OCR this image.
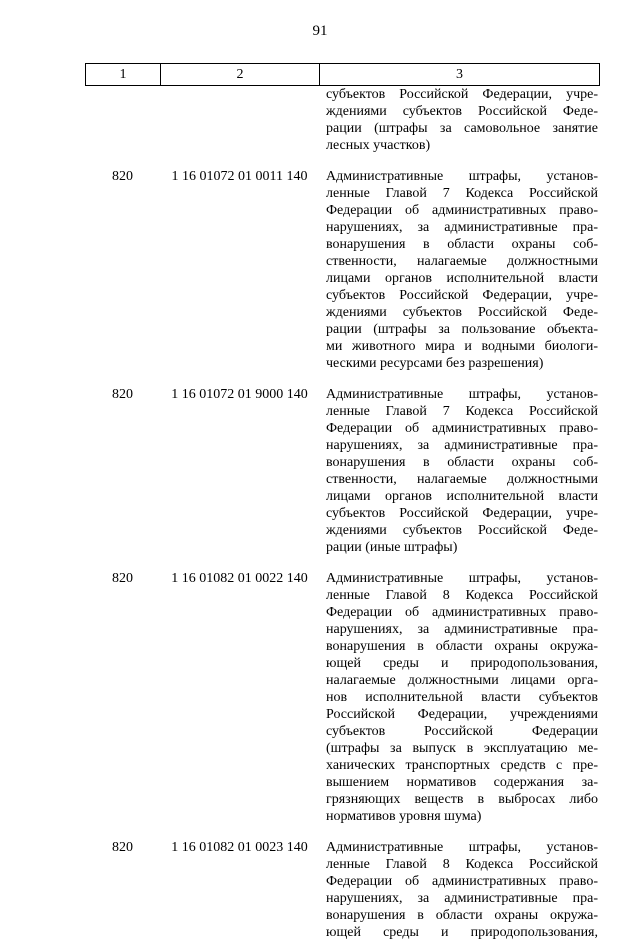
91
1	2	3
субъектов Российской Федерации, учре-
ждениями субъектов Российской Феде-
рации (штрафы за самовольное занятие
лесных участков)
820	1 16 01072 01 0011 140	Административные штрафы, установ-
ленные Главой 7 Кодекса Российской
Федерации об административных право-
нарушениях, за административные пра-
вонарушения в области охраны соб-
ственности, налагаемые должностными
лицами органов исполнительной власти
субъектов Российской Федерации, учре-
ждениями субъектов Российской Феде-
рации (штрафы за пользование объекта-
ми животного мира и водными биологи-
ческими ресурсами без разрешения)
820	1 16 01072 01 9000 140	Административные штрафы, установ-
ленные Главой 7 Кодекса Российской
Федерации об административных право-
нарушениях, за административные пра-
вонарушения в области охраны соб-
ственности, налагаемые должностными
лицами органов исполнительной власти
субъектов Российской Федерации, учре-
ждениями субъектов Российской Феде-
рации (иные штрафы)
820	1 16 01082 01 0022 140	Административные штрафы, установ-
ленные Главой 8 Кодекса Российской
Федерации об административных право-
нарушениях, за административные пра-
вонарушения в области охраны окружа-
ющей среды и природопользования,
налагаемые должностными лицами орга-
нов исполнительной власти субъектов
Российской Федерации, учреждениями
субъектов Российской Федерации
(штрафы за выпуск в эксплуатацию ме-
ханических транспортных средств с пре-
вышением нормативов содержания за-
грязняющих веществ в выбросах либо
нормативов уровня шума)
820	1 16 01082 01 0023 140	Административные штрафы, установ-
ленные Главой 8 Кодекса Российской
Федерации об административных право-
нарушениях, за административные пра-
вонарушения в области охраны окружа-
ющей среды и природопользования,
